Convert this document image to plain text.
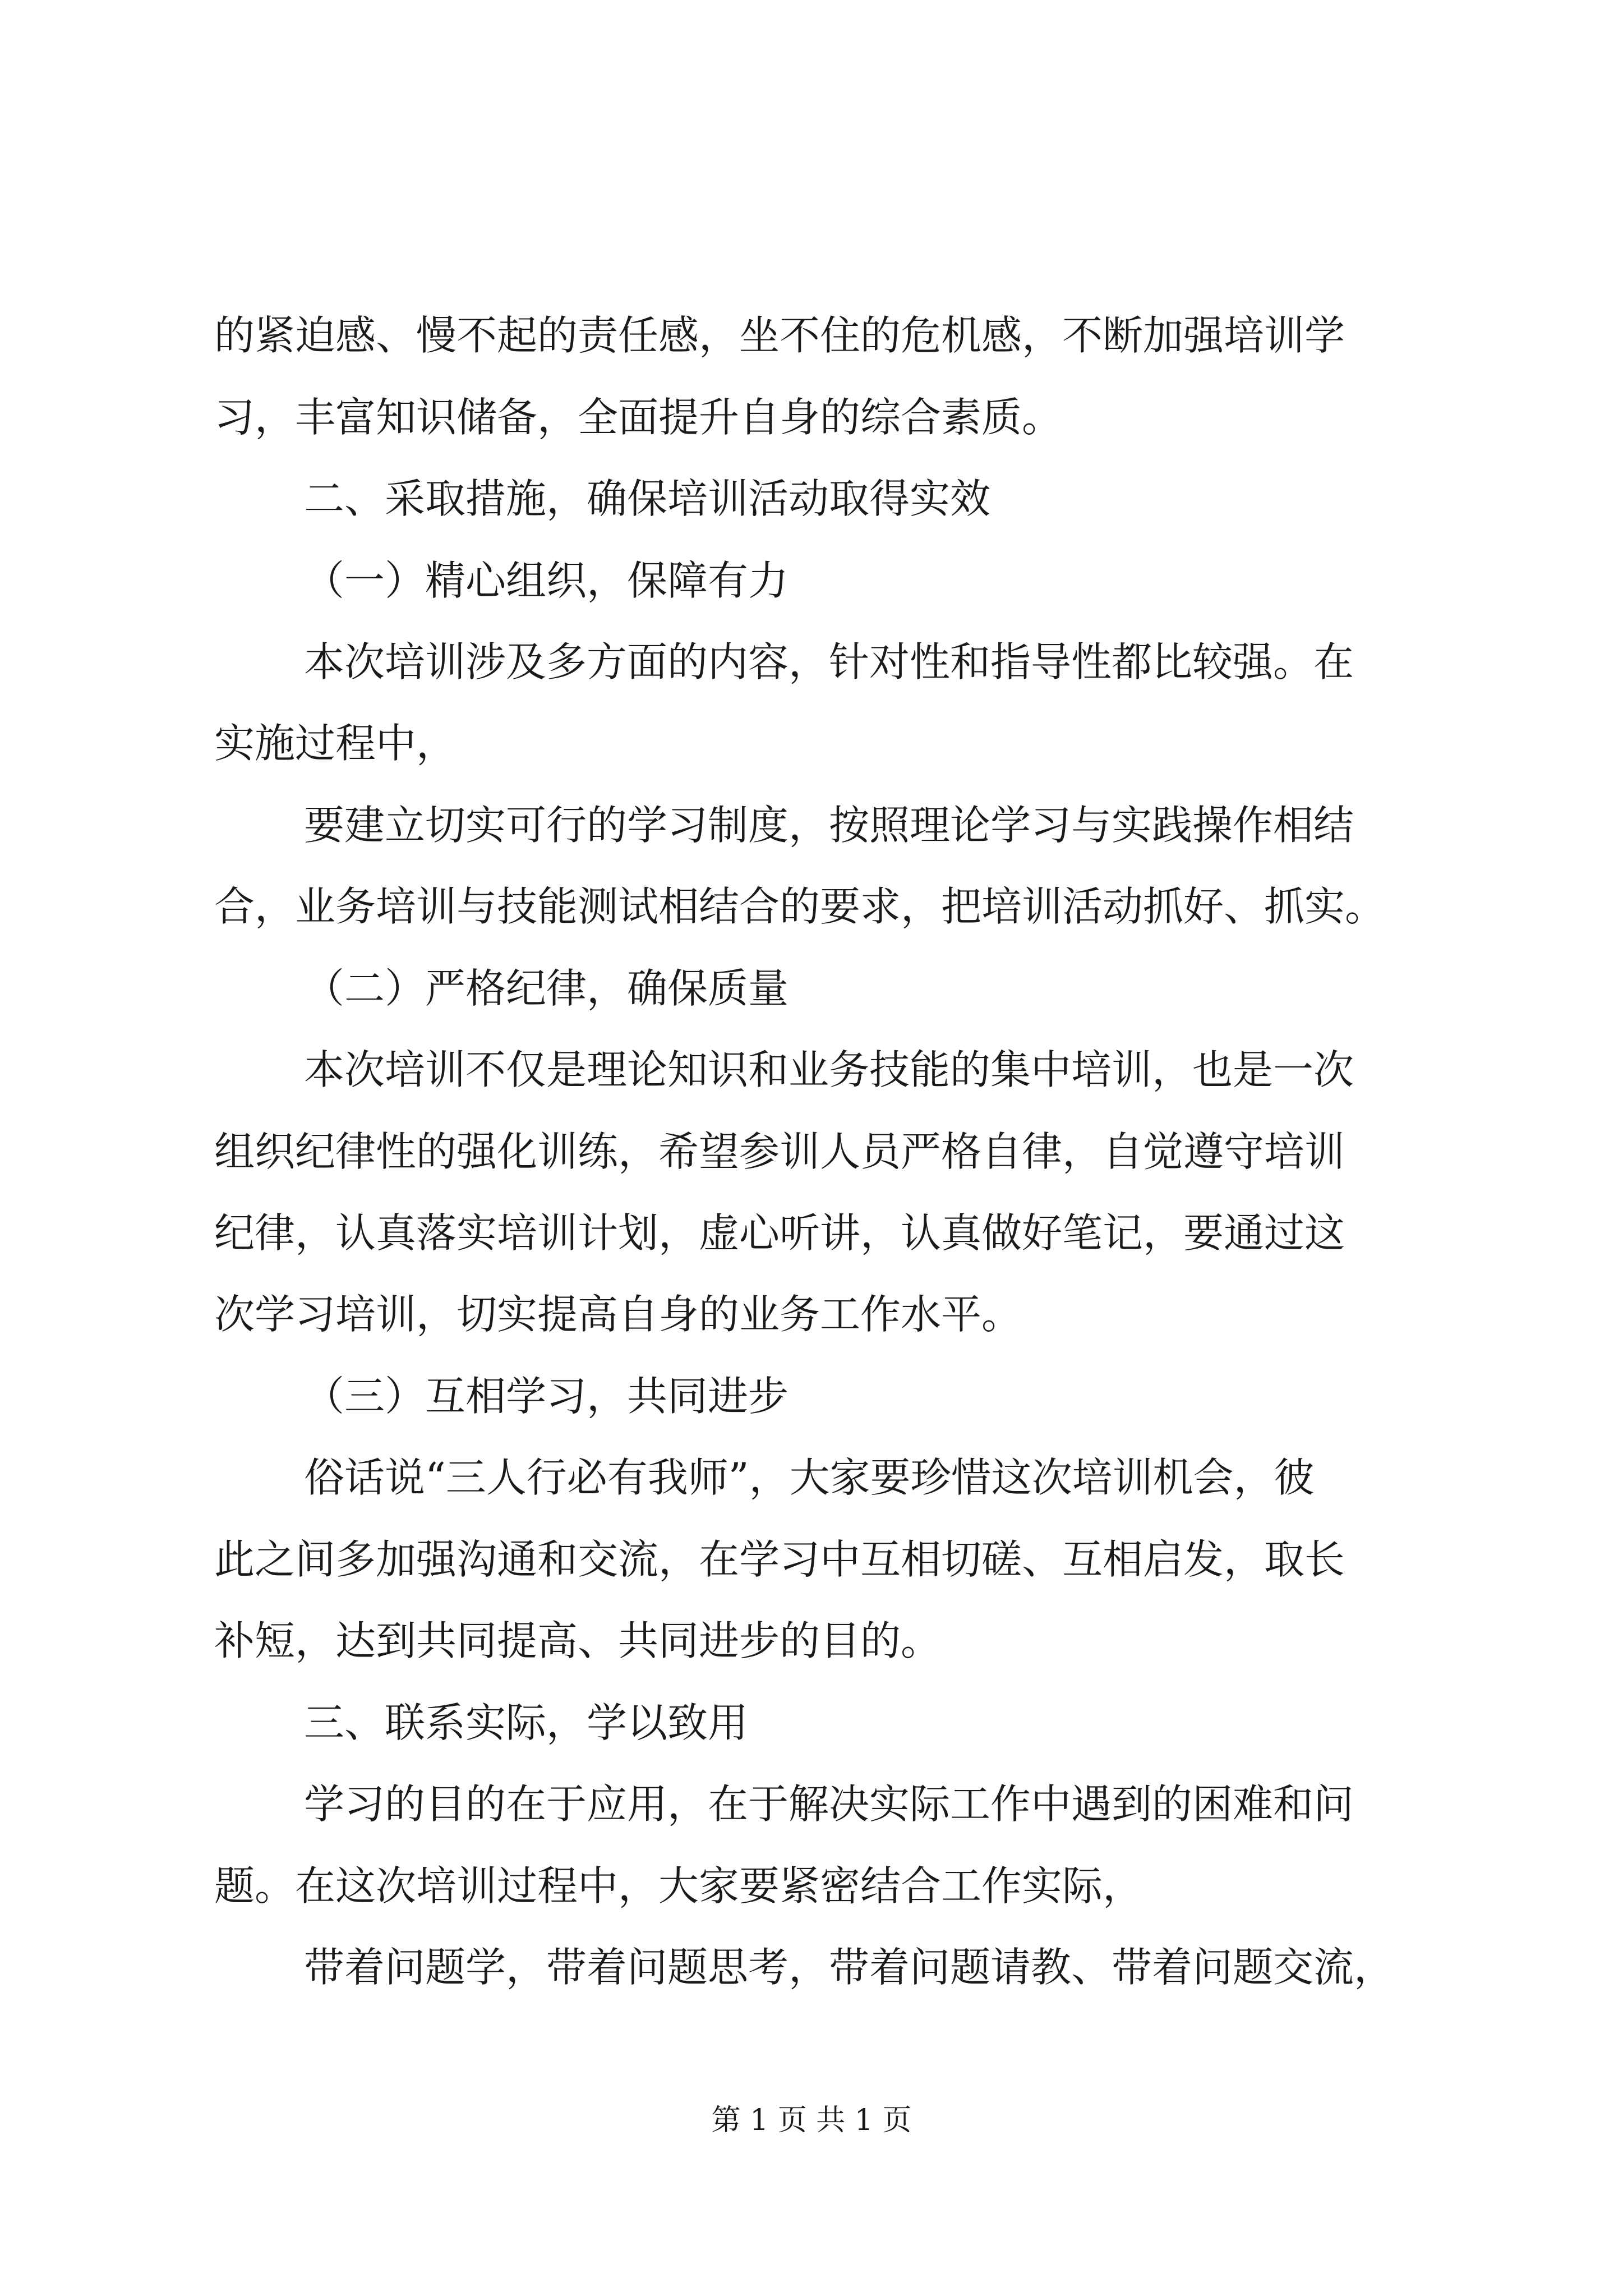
的紧迫感、慢不起的责任感，坐不住的危机感，不断加强培训学
习，丰富知识储备，全面提升自身的综合素质。
二、采取措施，确保培训活动取得实效
（一）精心组织，保障有力
本次培训涉及多方面的内容，针对性和指导性都比较强。在
实施过程中，
要建立切实可行的学习制度，按照理论学习与实践操作相结
合，业务培训与技能测试相结合的要求，把培训活动抓好、抓实。
（二）严格纪律，确保质量
本次培训不仅是理论知识和业务技能的集中培训，也是一次
组织纪律性的强化训练，希望参训人员严格自律，自觉遵守培训
纪律，认真落实培训计划，虚心听讲，认真做好笔记，要通过这
次学习培训，切实提高自身的业务工作水平。
（三）互相学习，共同进步
俗话说“三人行必有我师”，大家要珍惜这次培训机会，彼
此之间多加强沟通和交流，在学习中互相切磋、互相启发，取长
补短，达到共同提高、共同进步的目的。
三、联系实际，学以致用
学习的目的在于应用，在于解决实际工作中遇到的困难和问
题。在这次培训过程中，大家要紧密结合工作实际，
带着问题学，带着问题思考，带着问题请教、带着问题交流，
第 1 页 共 1 页
